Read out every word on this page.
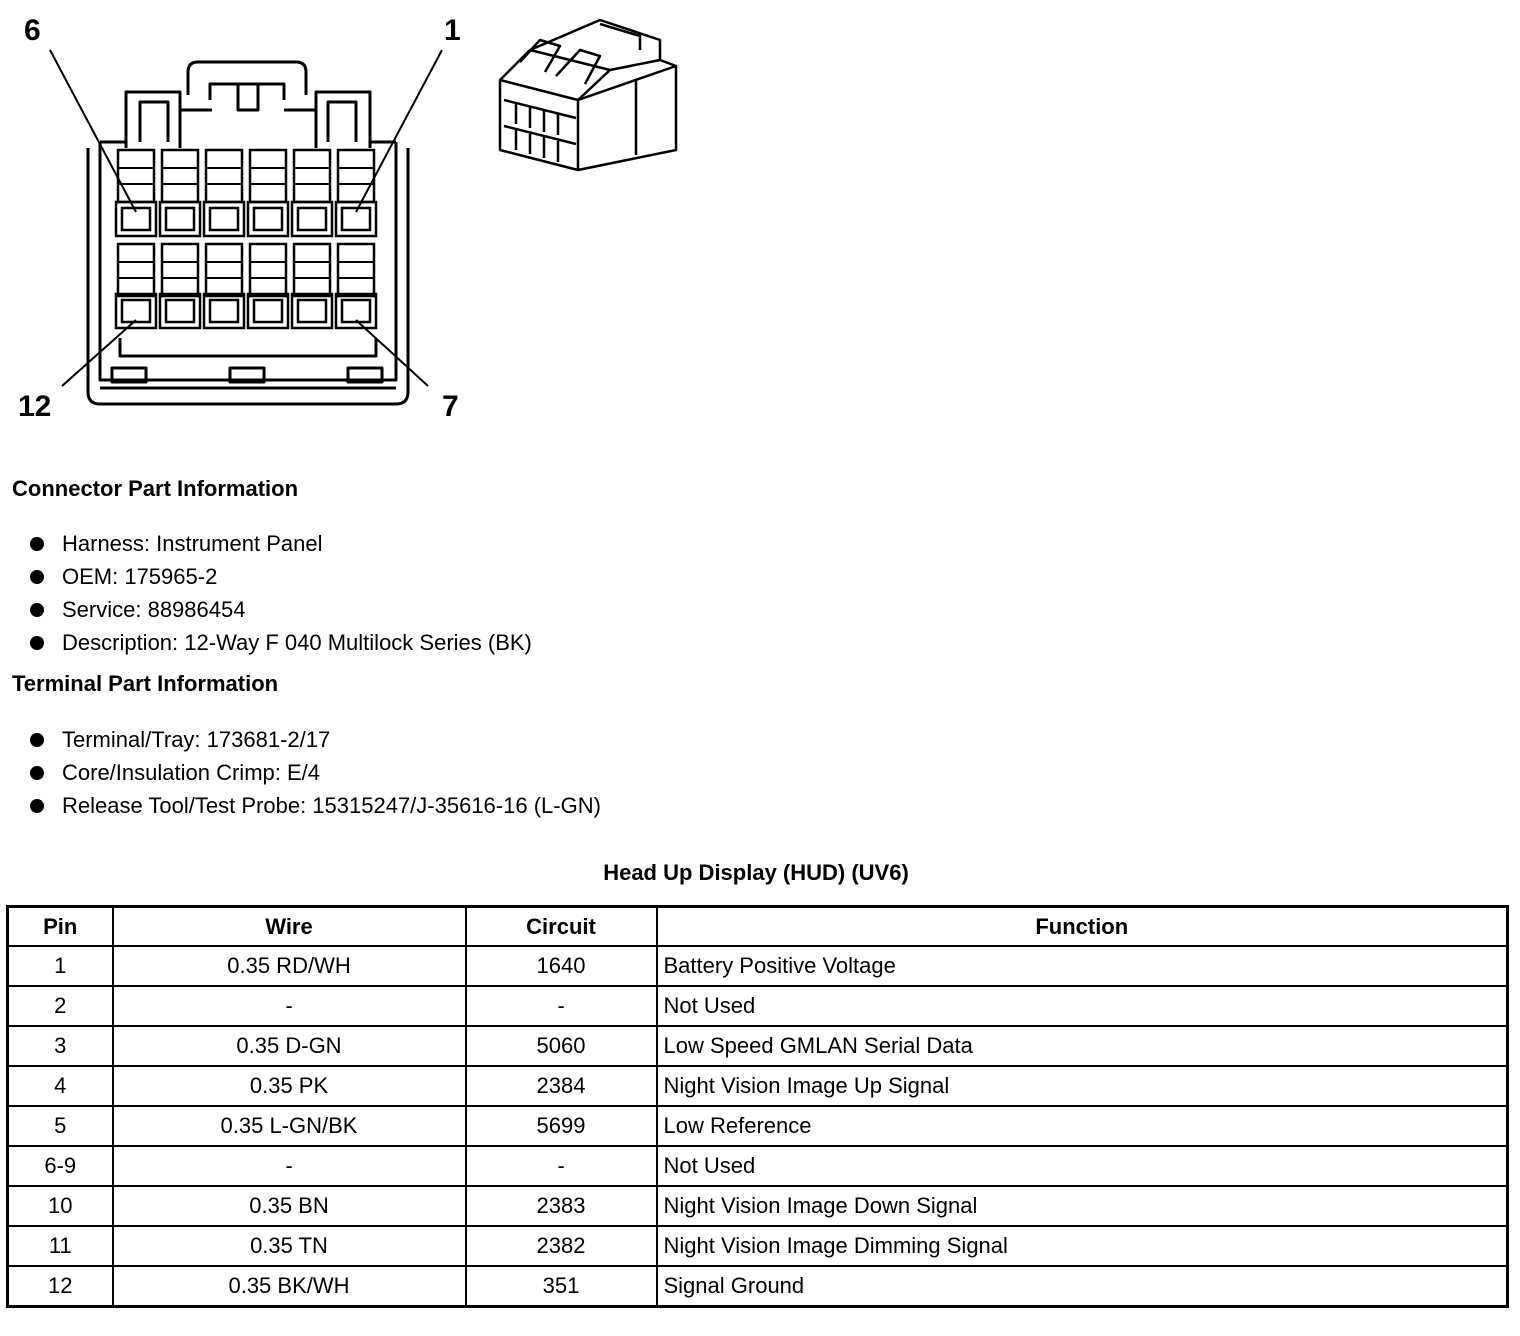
6	1
12	7
Connector Part Information
Harness: Instrument Panel
OEM: 175965-2
Service: 88986454
Description: 12-Way F 040 Multilock Series (BK)
Terminal Part Information
Terminal/Tray: 173681-2/17
Core/Insulation Crimp: E/4
Release Tool/Test Probe: 15315247/J-35616-16 (L-GN)
Head Up Display (HUD) (UV6)
Pin	Wire	Circuit	Function
1	0.35 RD/WH	1640	Battery Positive Voltage
2	-	-	Not Used
3	0.35 D-GN	5060	Low Speed GMLAN Serial Data
4	0.35 PK	2384	Night Vision Image Up Signal
5	0.35 L-GN/BK	5699	Low Reference
6-9	-	-	Not Used
10	0.35 BN	2383	Night Vision Image Down Signal
11	0.35 TN	2382	Night Vision Image Dimming Signal
12	0.35 BK/WH	351	Signal Ground
